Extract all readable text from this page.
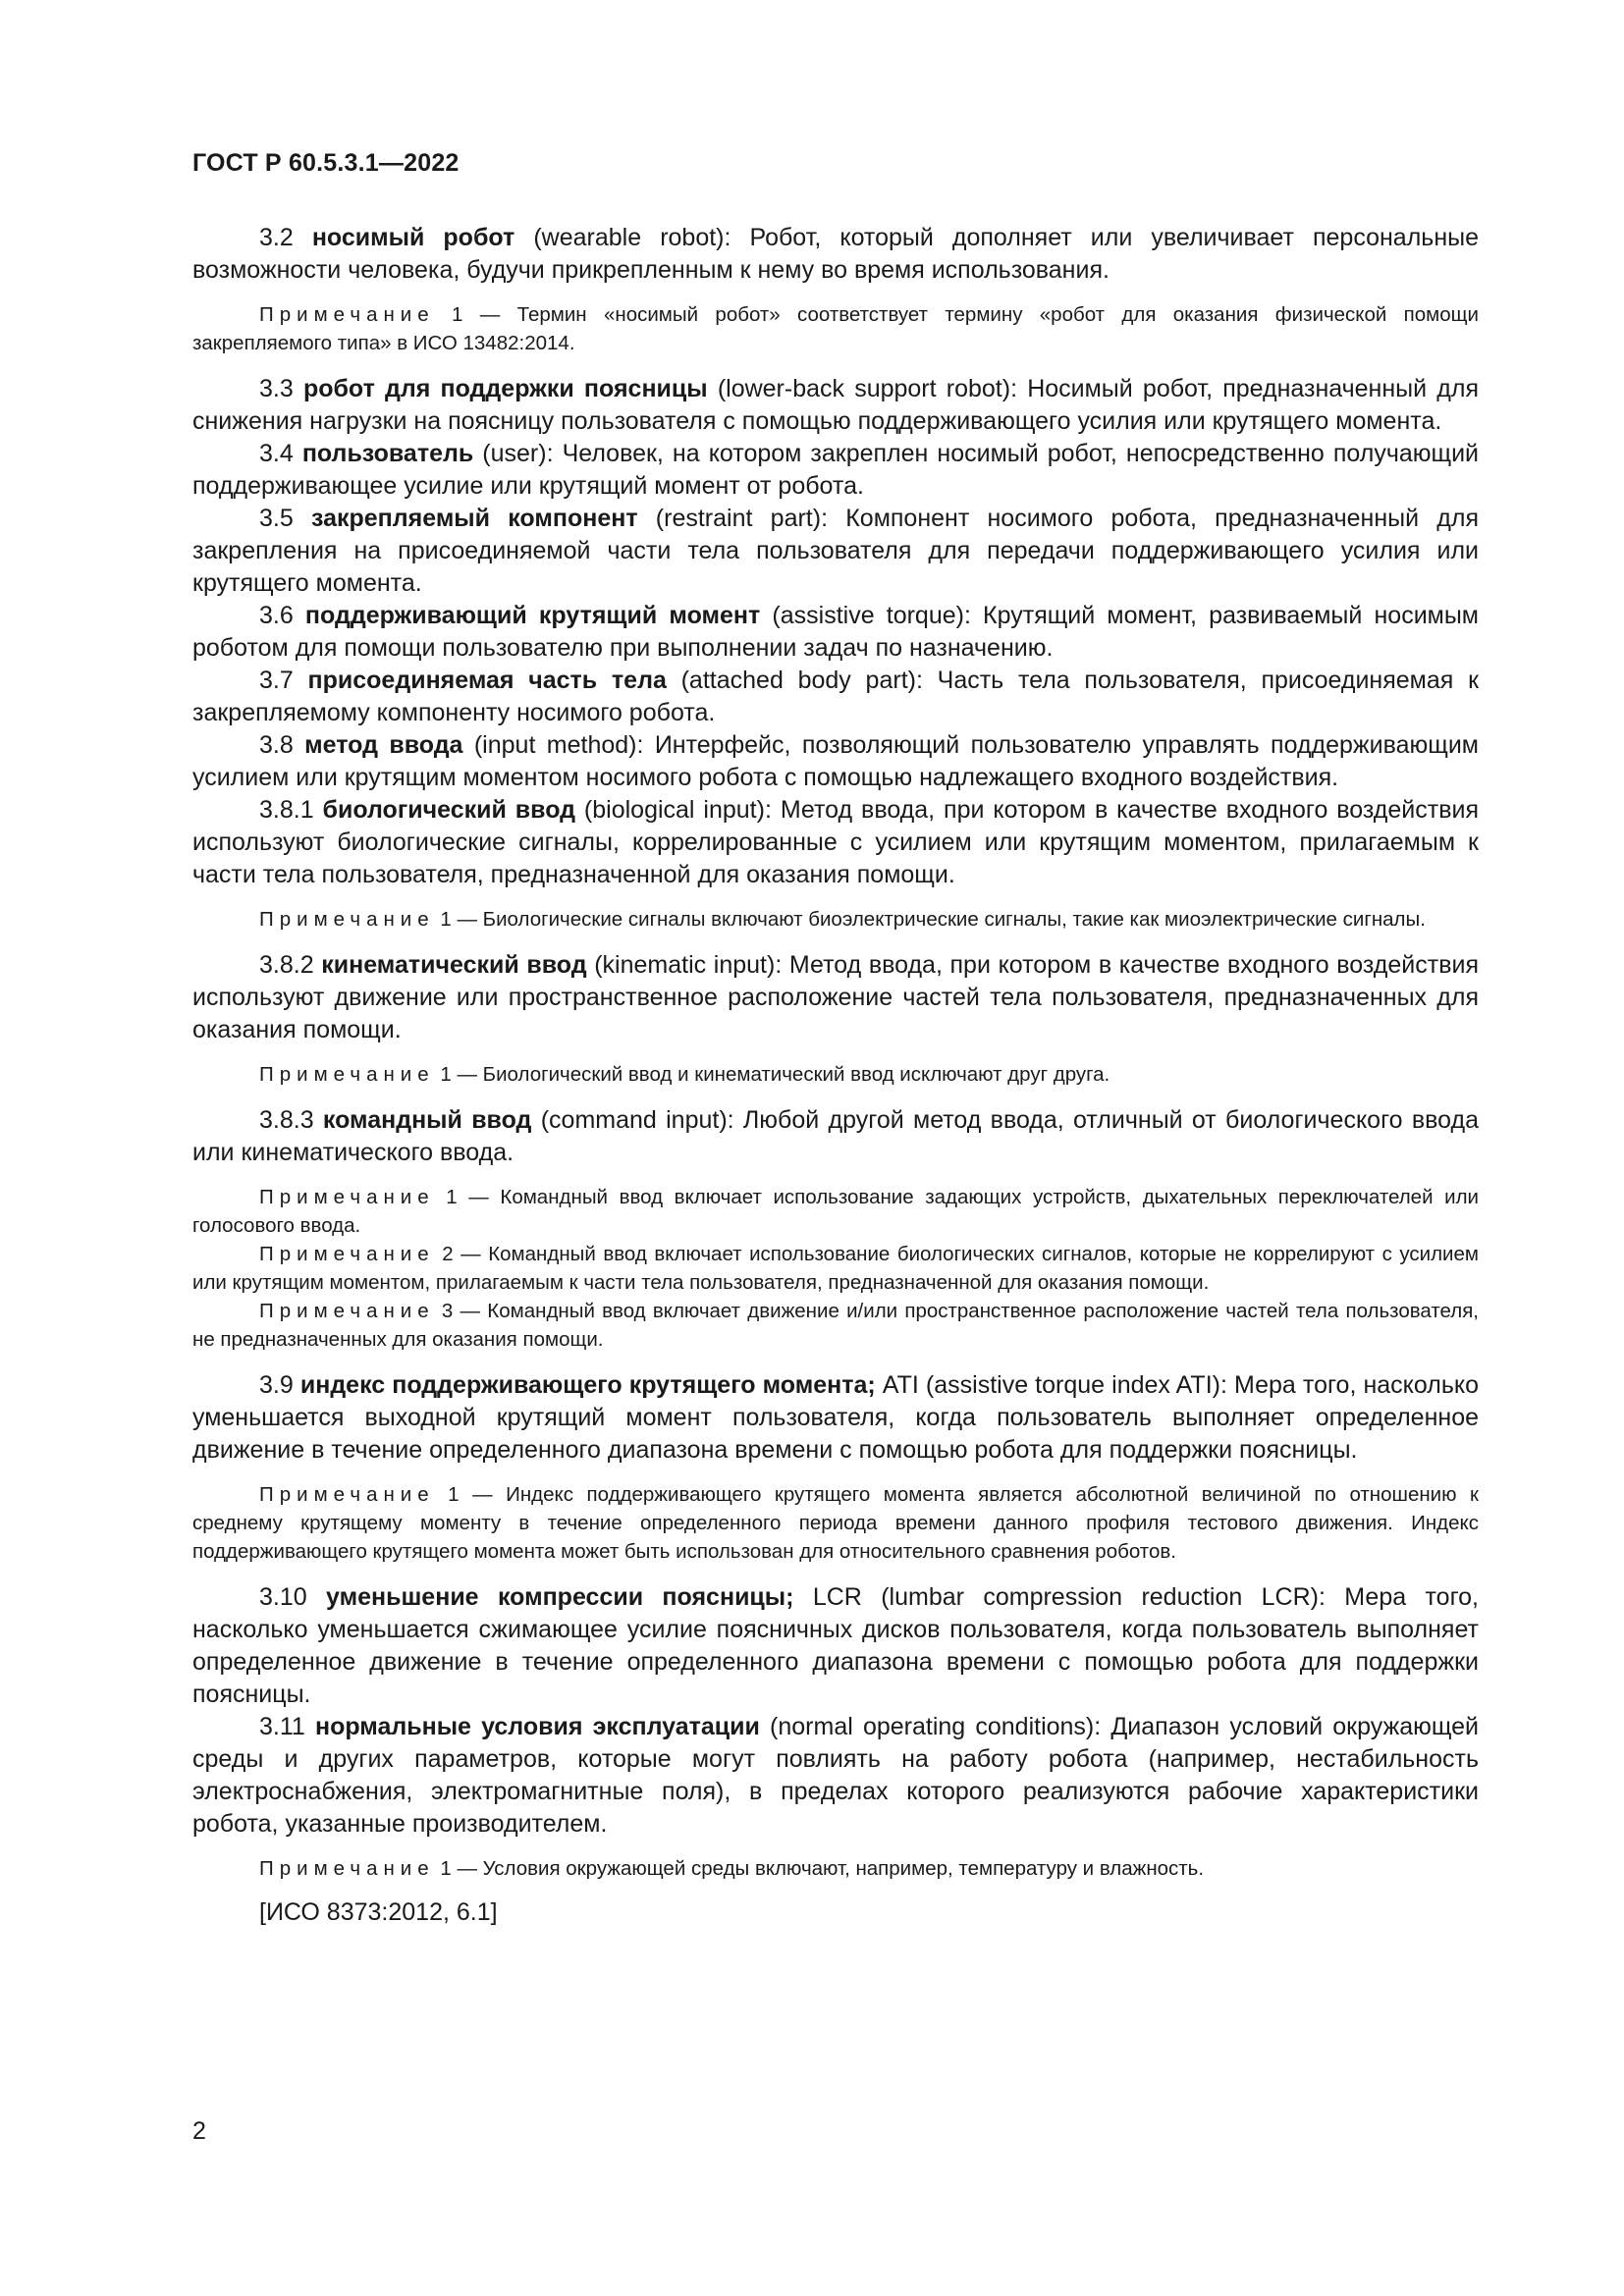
ГОСТ Р 60.5.3.1—2022

3.2 носимый робот (wearable robot): Робот, который дополняет или увеличивает персональные возможности человека, будучи прикрепленным к нему во время использования.

Примечание 1 — Термин «носимый робот» соответствует термину «робот для оказания физической помощи закрепляемого типа» в ИСО 13482:2014.

3.3 робот для поддержки поясницы (lower-back support robot): Носимый робот, предназначенный для снижения нагрузки на поясницу пользователя с помощью поддерживающего усилия или крутящего момента.

3.4 пользователь (user): Человек, на котором закреплен носимый робот, непосредственно получающий поддерживающее усилие или крутящий момент от робота.

3.5 закрепляемый компонент (restraint part): Компонент носимого робота, предназначенный для закрепления на присоединяемой части тела пользователя для передачи поддерживающего усилия или крутящего момента.

3.6 поддерживающий крутящий момент (assistive torque): Крутящий момент, развиваемый носимым роботом для помощи пользователю при выполнении задач по назначению.

3.7 присоединяемая часть тела (attached body part): Часть тела пользователя, присоединяемая к закрепляемому компоненту носимого робота.

3.8 метод ввода (input method): Интерфейс, позволяющий пользователю управлять поддерживающим усилием или крутящим моментом носимого робота с помощью надлежащего входного воздействия.

3.8.1 биологический ввод (biological input): Метод ввода, при котором в качестве входного воздействия используют биологические сигналы, коррелированные с усилием или крутящим моментом, прилагаемым к части тела пользователя, предназначенной для оказания помощи.

Примечание 1 — Биологические сигналы включают биоэлектрические сигналы, такие как миоэлектрические сигналы.

3.8.2 кинематический ввод (kinematic input): Метод ввода, при котором в качестве входного воздействия используют движение или пространственное расположение частей тела пользователя, предназначенных для оказания помощи.

Примечание 1 — Биологический ввод и кинематический ввод исключают друг друга.

3.8.3 командный ввод (command input): Любой другой метод ввода, отличный от биологического ввода или кинематического ввода.

Примечание 1 — Командный ввод включает использование задающих устройств, дыхательных переключателей или голосового ввода.

Примечание 2 — Командный ввод включает использование биологических сигналов, которые не коррелируют с усилием или крутящим моментом, прилагаемым к части тела пользователя, предназначенной для оказания помощи.

Примечание 3 — Командный ввод включает движение и/или пространственное расположение частей тела пользователя, не предназначенных для оказания помощи.

3.9 индекс поддерживающего крутящего момента; ATI (assistive torque index ATI): Мера того, насколько уменьшается выходной крутящий момент пользователя, когда пользователь выполняет определенное движение в течение определенного диапазона времени с помощью робота для поддержки поясницы.

Примечание 1 — Индекс поддерживающего крутящего момента является абсолютной величиной по отношению к среднему крутящему моменту в течение определенного периода времени данного профиля тестового движения. Индекс поддерживающего крутящего момента может быть использован для относительного сравнения роботов.

3.10 уменьшение компрессии поясницы; LCR (lumbar compression reduction LCR): Мера того, насколько уменьшается сжимающее усилие поясничных дисков пользователя, когда пользователь выполняет определенное движение в течение определенного диапазона времени с помощью робота для поддержки поясницы.

3.11 нормальные условия эксплуатации (normal operating conditions): Диапазон условий окружающей среды и других параметров, которые могут повлиять на работу робота (например, нестабильность электроснабжения, электромагнитные поля), в пределах которого реализуются рабочие характеристики робота, указанные производителем.

Примечание 1 — Условия окружающей среды включают, например, температуру и влажность.

[ИСО 8373:2012, 6.1]

2
